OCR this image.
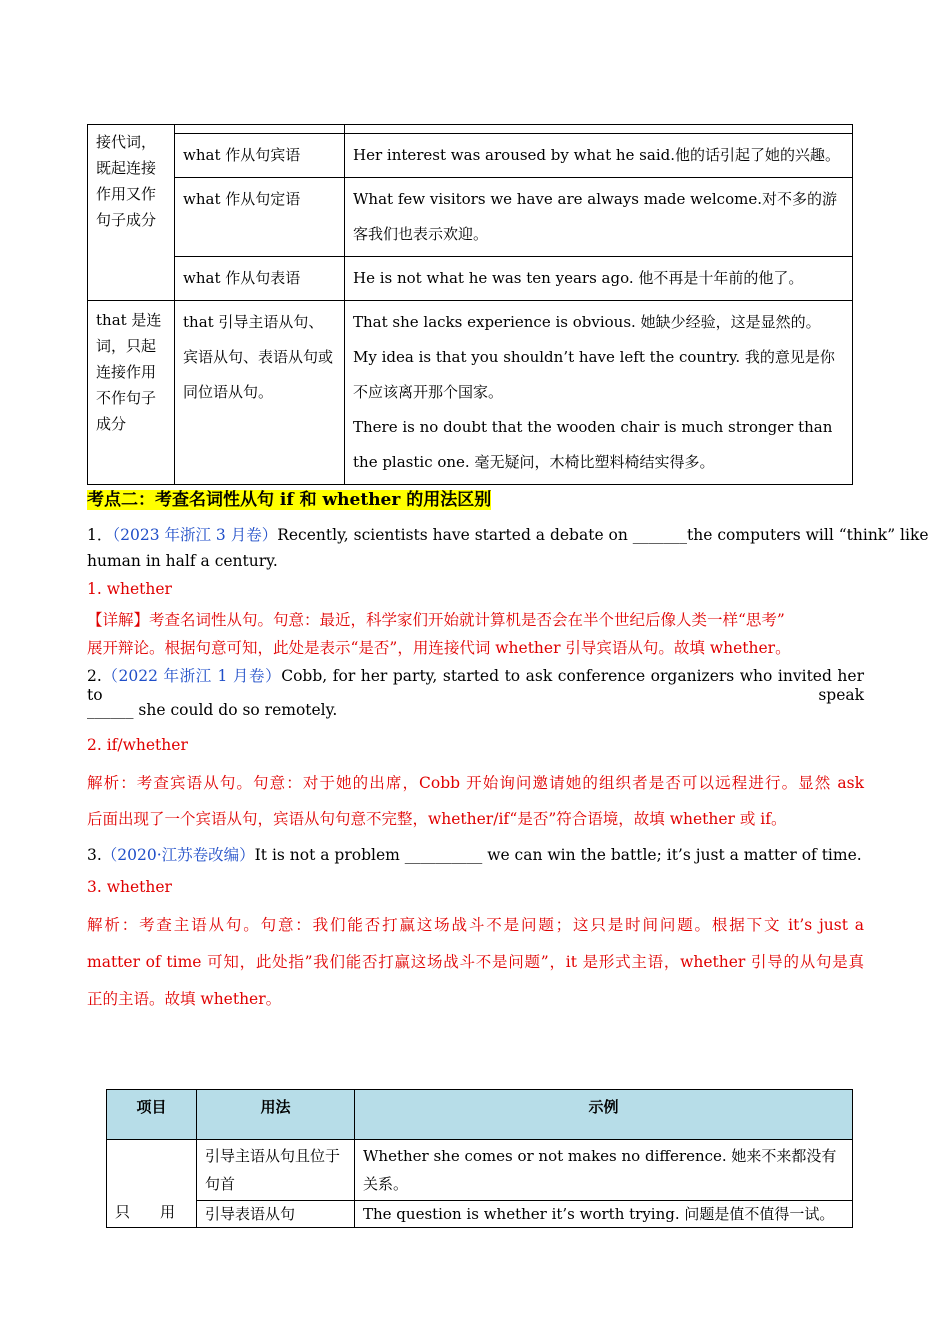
接代词，既起连接作用又作句子成分		
	what 作从句宾语	Her interest was aroused by what he said.他的话引起了她的兴趣。
	what 作从句定语	What few visitors we have are always made welcome.对不多的游客我们也表示欢迎。
	what 作从句表语	He is not what he was ten years ago. 他不再是十年前的他了。
that 是连词，只起连接作用不作句子成分	that 引导主语从句、宾语从句、表语从句或同位语从句。	That she lacks experience is obvious. 她缺少经验，这是显然的。
My idea is that you shouldn’t have left the country. 我的意见是你不应该离开那个国家。
There is no doubt that the wooden chair is much stronger than the plastic one. 毫无疑问，木椅比塑料椅结实得多。
考点二：考查名词性从句 if 和 whether 的用法区别
1．（2023 年浙江 3 月卷）Recently, scientists have started a debate on _______the computers will “think” like
human in half a century.
1. whether
【详解】考查名词性从句。句意：最近，科学家们开始就计算机是否会在半个世纪后像人类一样“思考”
展开辩论。根据句意可知，此处是表示“是否”，用连接代词 whether 引导宾语从句。故填 whether。
2.（2022 年浙江 1 月卷）Cobb, for her party, started to ask conference organizers who invited her to speak
______ she could do so remotely.
2. if/whether
解析：考查宾语从句。句意：对于她的出席，Cobb 开始询问邀请她的组织者是否可以远程进行。显然 ask
后面出现了一个宾语从句，宾语从句句意不完整，whether/if“是否”符合语境，故填 whether 或 if。
3.（2020·江苏卷改编）It is not a problem __________ we can win the battle; it’s just a matter of time.
3. whether
解析：考查主语从句。句意：我们能否打赢这场战斗不是问题；这只是时间问题。根据下文 it’s just a
matter of time 可知，此处指”我们能否打赢这场战斗不是问题”，it 是形式主语，whether 引导的从句是真
正的主语。故填 whether。
项目	用法	示例
只　　用	引导主语从句且位于句首	Whether she comes or not makes no difference. 她来不来都没有关系。
	引导表语从句	The question is whether it’s worth trying. 问题是值不值得一试。
